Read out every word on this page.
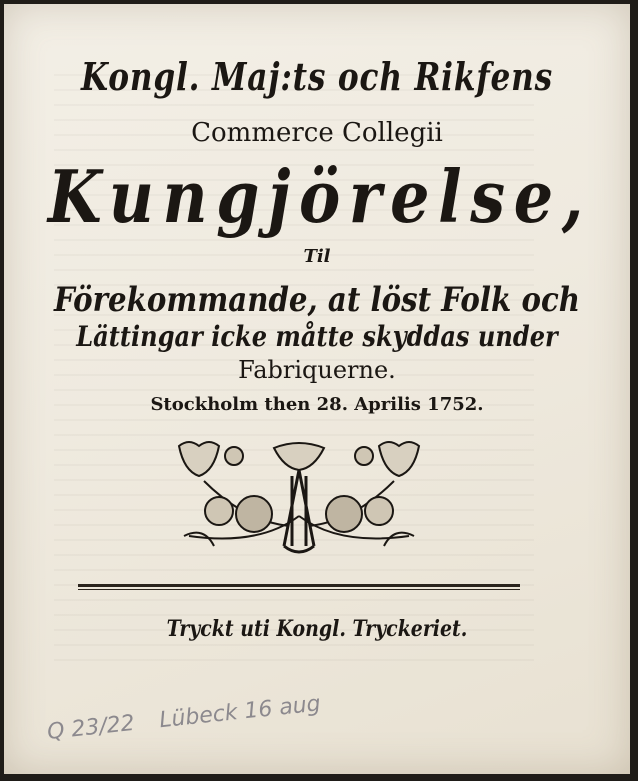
Kongl. Maj:ts och Rikfens
Commerce Collegii
Kungjörelse,
Til
Förekommande, at löst Folk och
Lättingar icke måtte skyddas under
Fabriquerne.
Stockholm then 28. Aprilis 1752.
Tryckt uti Kongl. Tryckeriet.
Q 23/22 Lübeck 16 aug
